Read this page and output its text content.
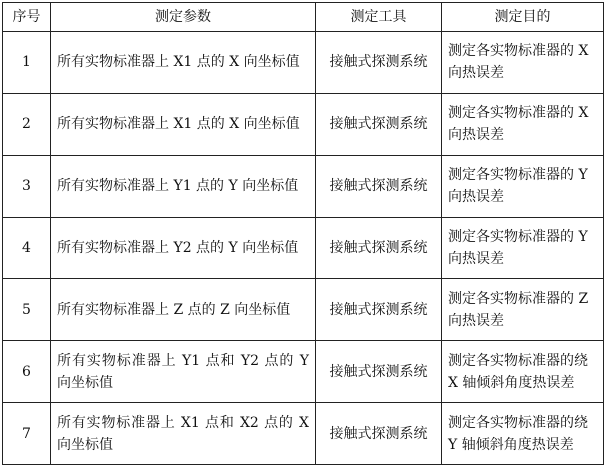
序号	测定参数	测定工具	测定目的
1	所有实物标准器上 X1 点的 X 向坐标值	接触式探测系统	测定各实物标准器的 X 向热误差
2	所有实物标准器上 X1 点的 X 向坐标值	接触式探测系统	测定各实物标准器的 X 向热误差
3	所有实物标准器上 Y1 点的 Y 向坐标值	接触式探测系统	测定各实物标准器的 Y 向热误差
4	所有实物标准器上 Y2 点的 Y 向坐标值	接触式探测系统	测定各实物标准器的 Y 向热误差
5	所有实物标准器上 Z 点的 Z 向坐标值	接触式探测系统	测定各实物标准器的 Z 向热误差
6	所有实物标准器上 Y1 点和 Y2 点的 Y 向坐标值	接触式探测系统	测定各实物标准器的绕 X 轴倾斜角度热误差
7	所有实物标准器上 X1 点和 X2 点的 X 向坐标值	接触式探测系统	测定各实物标准器的绕 Y 轴倾斜角度热误差
